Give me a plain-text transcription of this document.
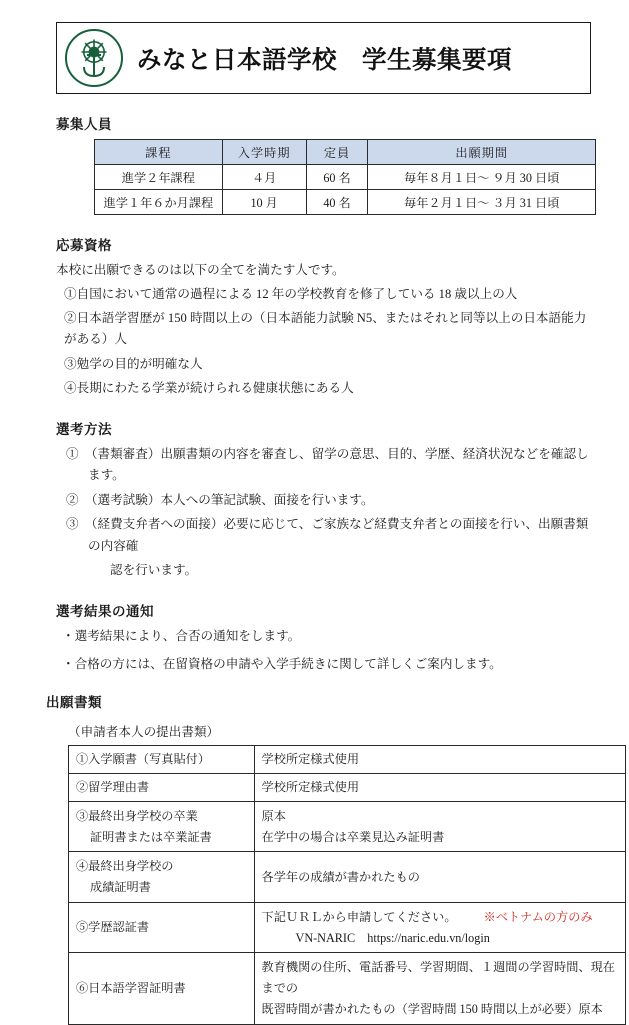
みなと日本語学校　学生募集要項
募集人員
課程	入学時期	定員	出願期間
進学２年課程	４月	60 名	毎年８月１日～ ９月 30 日頃
進学１年６か月課程	10 月	40 名	毎年２月１日～ ３月 31 日頃
応募資格
本校に出願できるのは以下の全てを満たす人です。
①自国において通常の過程による 12 年の学校教育を修了している 18 歳以上の人
②日本語学習歴が 150 時間以上の（日本語能力試験 N5、またはそれと同等以上の日本語能力がある）人
③勉学の目的が明確な人
④長期にわたる学業が続けられる健康状態にある人
選考方法
①　（書類審査）出願書類の内容を審査し、留学の意思、目的、学歴、経済状況などを確認します。
②　（選考試験）本人への筆記試験、面接を行います。
③　（経費支弁者への面接）必要に応じて、ご家族など経費支弁者との面接を行い、出願書類の内容確
認を行います。
選考結果の通知
・選考結果により、合否の通知をします。
・合格の方には、在留資格の申請や入学手続きに関して詳しくご案内します。
出願書類
（申請者本人の提出書類）
①入学願書（写真貼付）	学校所定様式使用
②留学理由書	学校所定様式使用
③最終出身学校の卒業
証明書または卒業証書	原本
在学中の場合は卒業見込み証明書

④最終出身学校の
成績証明書	各学年の成績が書かれたもの
⑤学歴認証書	下記ＵＲＬから申請してください。 ※ベトナムの方のみ
VN-NARIC　https://naric.edu.vn/login

⑥日本語学習証明書	教育機関の住所、電話番号、学習期間、１週間の学習時間、現在までの
既習時間が書かれたもの（学習時間 150 時間以上が必要）原本
